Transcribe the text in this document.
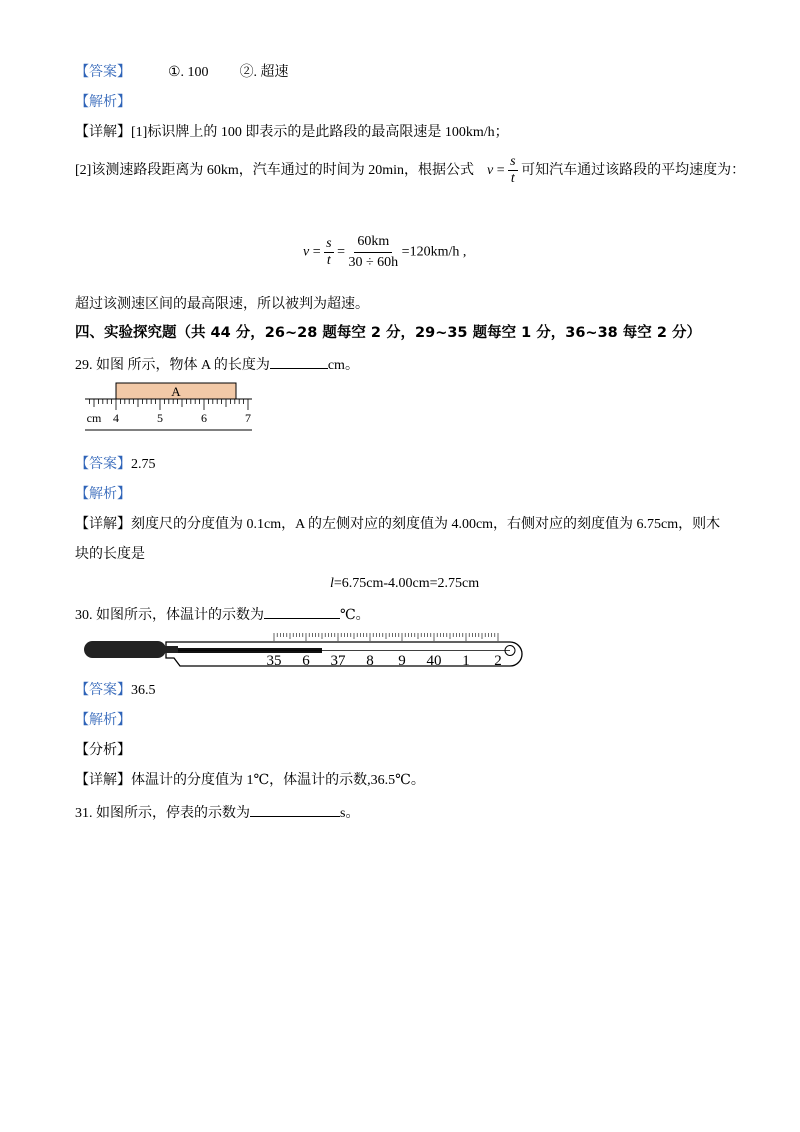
【答案】	①. 100 ②. 超速
【解析】
【详解】[1]标识牌上的 100 即表示的是此路段的最高限速是 100km/h；
[2]该测速路段距离为 60km，汽车通过的时间为 20min，根据公式 $v = \frac{s}{t}$ 可知汽车通过该路段的平均速度为：
$v = \frac{s}{t} = \frac{60km}{30 \div 60h} =120km/h$ ,
超过该测速区间的最高限速，所以被判为超速。
四、实验探究题（共 44 分，26~28 题每空 2 分，29~35 题每空 1 分，36~38 每空 2 分）
29. 如图 所示，物体 A 的长度为	cm。
A
cm 4	5	6	7
【答案】2.75
【解析】
【详解】刻度尺的分度值为 0.1cm，A 的左侧对应的刻度值为 4.00cm，右侧对应的刻度值为 6.75cm，则木
块的长度是
l=6.75cm-4.00cm=2.75cm
30. 如图所示，体温计的示数为	℃。
35 6 37 8 9 40 1 2
【答案】36.5
【解析】
【分析】
【详解】体温计的分度值为 1℃，体温计的示数,36.5℃。
31. 如图所示，停表的示数为	s。
